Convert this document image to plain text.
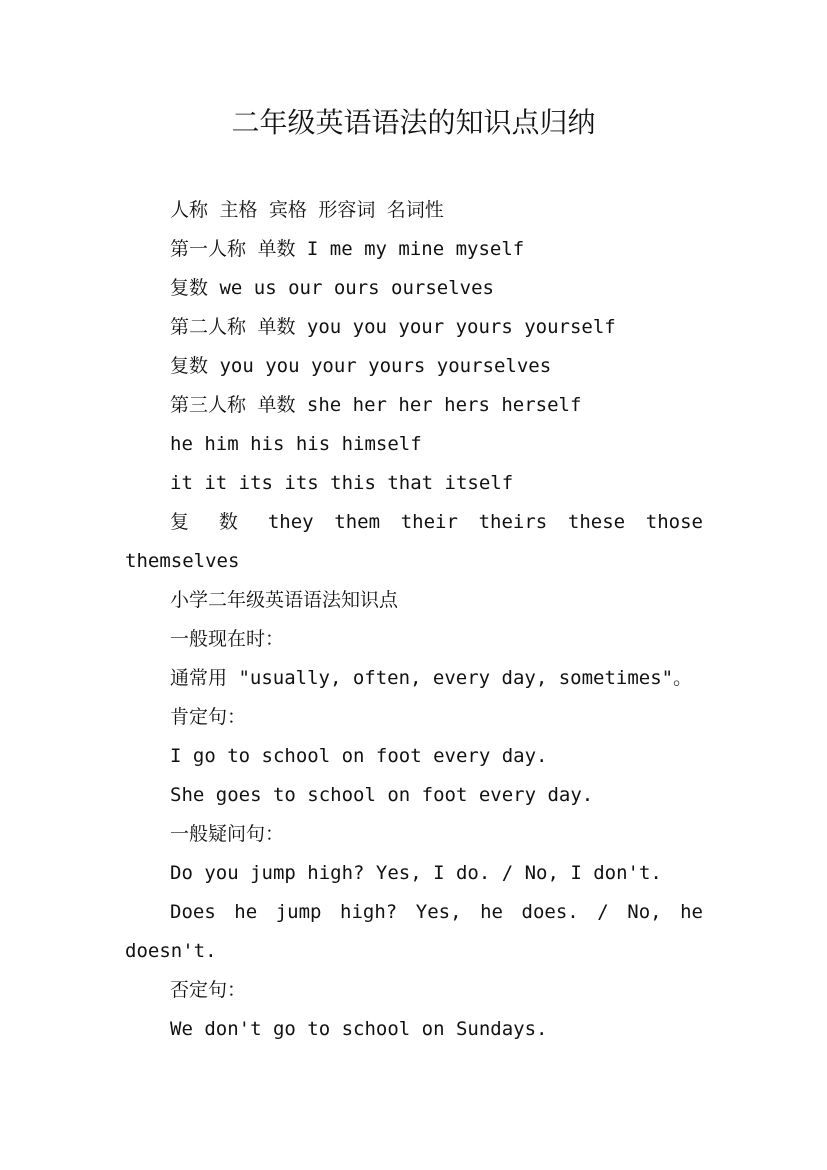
二年级英语语法的知识点归纳

人称 主格 宾格 形容词 名词性

第一人称 单数 I me my mine myself

复数 we us our ours ourselves

第二人称 单数 you you your yours yourself

复数 you you your yours yourselves

第三人称 单数 she her her hers herself

he him his his himself

it it its its this that itself

复 数 they them their theirs these those themselves

小学二年级英语语法知识点

一般现在时：

通常用 "usually, often, every day, sometimes"。

肯定句：

I go to school on foot every day.

She goes to school on foot every day.

一般疑问句：

Do you jump high? Yes, I do. / No, I don't.

Does he jump high? Yes, he does. / No, he doesn't.

否定句：

We don't go to school on Sundays.
